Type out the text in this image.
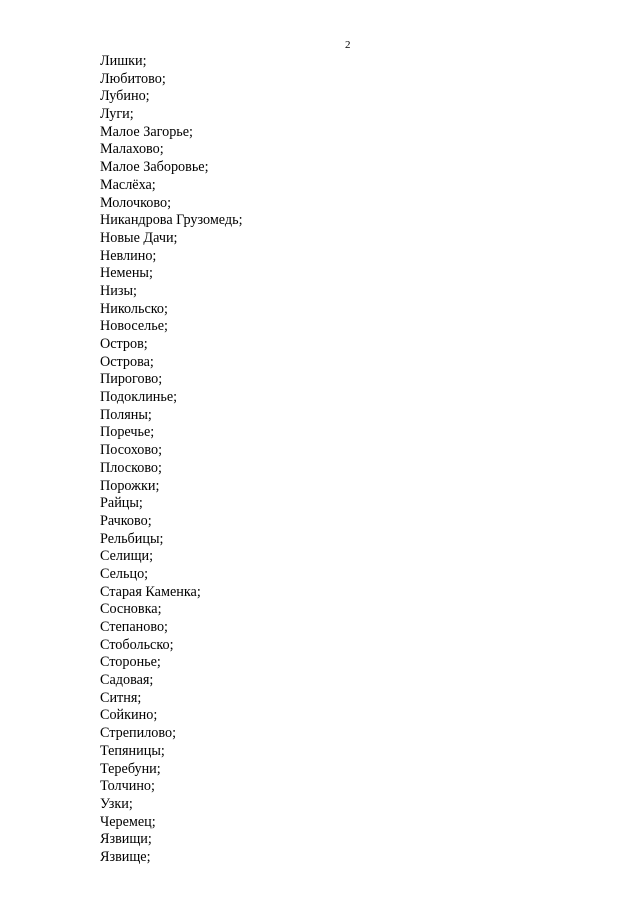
2
Лишки;
Любитово;
Лубино;
Луги;
Малое Загорье;
Малахово;
Малое Заборовье;
Маслёха;
Молочково;
Никандрова Грузомедь;
Новые Дачи;
Невлино;
Немены;
Низы;
Никольско;
Новоселье;
Остров;
Острова;
Пирогово;
Подоклинье;
Поляны;
Поречье;
Посохово;
Плосково;
Порожки;
Райцы;
Рачково;
Рельбицы;
Селищи;
Сельцо;
Старая Каменка;
Сосновка;
Степаново;
Стобольско;
Сторонье;
Садовая;
Ситня;
Сойкино;
Стрепилово;
Тепяницы;
Теребуни;
Толчино;
Узки;
Черемец;
Язвищи;
Язвище;
